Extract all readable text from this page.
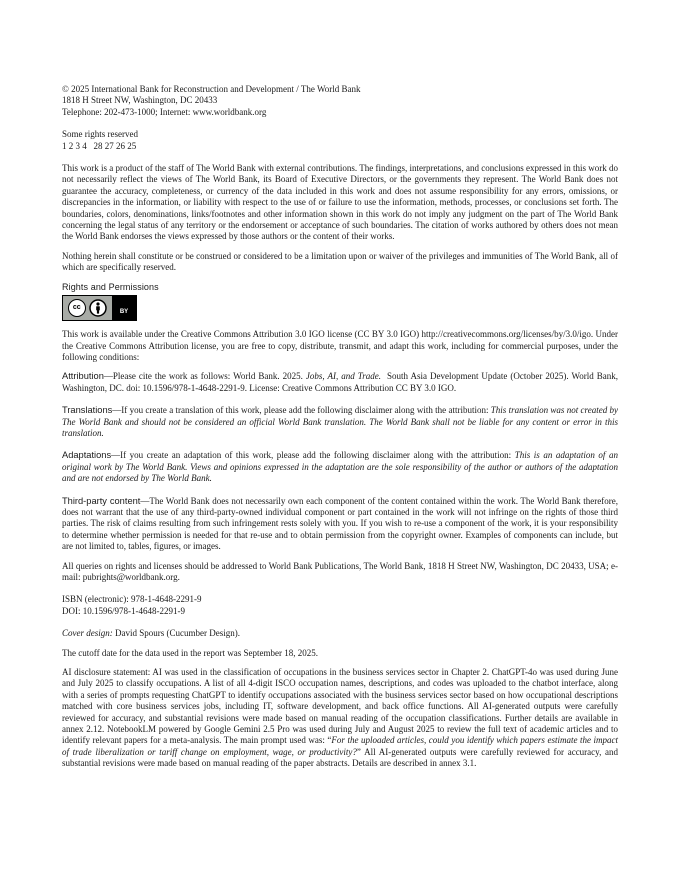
© 2025 International Bank for Reconstruction and Development / The World Bank

1818 H Street NW, Washington, DC 20433

Telephone: 202-473-1000; Internet: www.worldbank.org

Some rights reserved

1 2 3 4   28 27 26 25

This work is a product of the staff of The World Bank with external contributions. The findings, interpretations, and conclusions expressed in this work do not necessarily reflect the views of The World Bank, its Board of Executive Directors, or the governments they represent. The World Bank does not guarantee the accuracy, completeness, or currency of the data included in this work and does not assume responsibility for any errors, omissions, or discrepancies in the information, or liability with respect to the use of or failure to use the information, methods, processes, or conclusions set forth. The boundaries, colors, denominations, links/footnotes and other information shown in this work do not imply any judgment on the part of The World Bank concerning the legal status of any territory or the endorsement or acceptance of such boundaries. The citation of works authored by others does not mean the World Bank endorses the views expressed by those authors or the content of their works.

Nothing herein shall constitute or be construed or considered to be a limitation upon or waiver of the privileges and immunities of The World Bank, all of which are specifically reserved.

Rights and Permissions

cc
BY

This work is available under the Creative Commons Attribution 3.0 IGO license (CC BY 3.0 IGO) http://creativecommons.org/licenses/by/3.0/igo. Under the Creative Commons Attribution license, you are free to copy, distribute, transmit, and adapt this work, including for commercial purposes, under the following conditions:

Attribution—Please cite the work as follows: World Bank. 2025. Jobs, AI, and Trade.  South Asia Development Update (October 2025). World Bank, Washington, DC. doi: 10.1596/978-1-4648-2291-9. License: Creative Commons Attribution CC BY 3.0 IGO.

Translations—If you create a translation of this work, please add the following disclaimer along with the attribution: This translation was not created by The World Bank and should not be considered an official World Bank translation. The World Bank shall not be liable for any content or error in this translation.

Adaptations—If you create an adaptation of this work, please add the following disclaimer along with the attribution: This is an adaptation of an original work by The World Bank. Views and opinions expressed in the adaptation are the sole responsibility of the author or authors of the adaptation and are not endorsed by The World Bank.

Third-party content—The World Bank does not necessarily own each component of the content contained within the work. The World Bank therefore, does not warrant that the use of any third-party-owned individual component or part contained in the work will not infringe on the rights of those third parties. The risk of claims resulting from such infringement rests solely with you. If you wish to re-use a component of the work, it is your responsibility to determine whether permission is needed for that re-use and to obtain permission from the copyright owner. Examples of components can include, but are not limited to, tables, figures, or images.

All queries on rights and licenses should be addressed to World Bank Publications, The World Bank, 1818 H Street NW, Washington, DC 20433, USA; e-mail: pubrights@worldbank.org.

ISBN (electronic): 978-1-4648-2291-9

DOI: 10.1596/978-1-4648-2291-9

Cover design: David Spours (Cucumber Design).

The cutoff date for the data used in the report was September 18, 2025.

AI disclosure statement: AI was used in the classification of occupations in the business services sector in Chapter 2. ChatGPT-4o was used during June and July 2025 to classify occupations. A list of all 4-digit ISCO occupation names, descriptions, and codes was uploaded to the chatbot interface, along with a series of prompts requesting ChatGPT to identify occupations associated with the business services sector based on how occupational descriptions matched with core business services jobs, including IT, software development, and back office functions. All AI-generated outputs were carefully reviewed for accuracy, and substantial revisions were made based on manual reading of the occupation classifications. Further details are available in annex 2.12. NotebookLM powered by Google Gemini 2.5 Pro was used during July and August 2025 to review the full text of academic articles and to identify relevant papers for a meta-analysis. The main prompt used was: “For the uploaded articles, could you identify which papers estimate the impact of trade liberalization or tariff change on employment, wage, or productivity?” All AI-generated outputs were carefully reviewed for accuracy, and substantial revisions were made based on manual reading of the paper abstracts. Details are described in annex 3.1.
